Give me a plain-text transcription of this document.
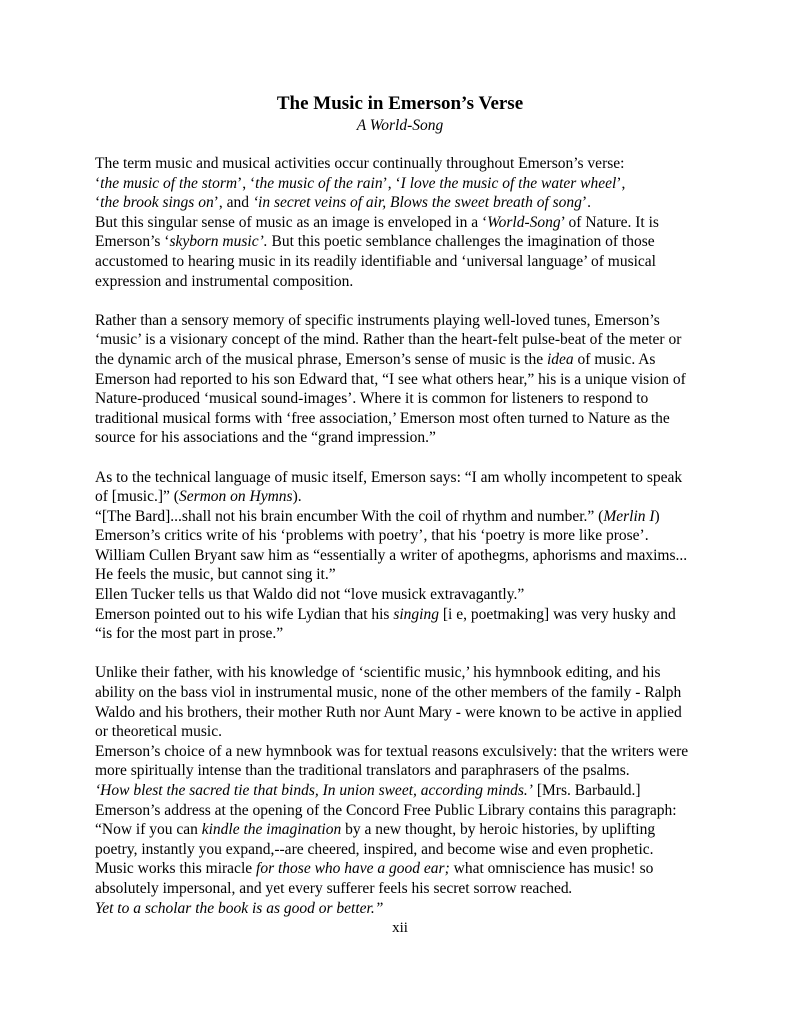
The Music in Emerson’s Verse
A World-Song
The term music and musical activities occur continually throughout Emerson’s verse:
‘the music of the storm’, ‘the music of the rain’, ‘I love the music of the water wheel’,
‘the brook sings on’, and ‘in secret veins of air, Blows the sweet breath of song’.
But this singular sense of music as an image is enveloped in a ‘World-Song’ of Nature. It is
Emerson’s ‘skyborn music’. But this poetic semblance challenges the imagination of those
accustomed to hearing music in its readily identifiable and ‘universal language’ of musical
expression and instrumental composition.
Rather than a sensory memory of specific instruments playing well-loved tunes, Emerson’s
‘music’ is a visionary concept of the mind. Rather than the heart-felt pulse-beat of the meter or
the dynamic arch of the musical phrase, Emerson’s sense of music is the idea of music. As
Emerson had reported to his son Edward that, “I see what others hear,” his is a unique vision of
Nature-produced ‘musical sound-images’. Where it is common for listeners to respond to
traditional musical forms with ‘free association,’ Emerson most often turned to Nature as the
source for his associations and the “grand impression.”
As to the technical language of music itself, Emerson says: “I am wholly incompetent to speak
of [music.]” (Sermon on Hymns).
“[The Bard]...shall not his brain encumber With the coil of rhythm and number.” (Merlin I)
Emerson’s critics write of his ‘problems with poetry’, that his ‘poetry is more like prose’.
William Cullen Bryant saw him as “essentially a writer of apothegms, aphorisms and maxims...
He feels the music, but cannot sing it.”
Ellen Tucker tells us that Waldo did not “love musick extravagantly.”
Emerson pointed out to his wife Lydian that his singing [i e, poetmaking] was very husky and
“is for the most part in prose.”
Unlike their father, with his knowledge of ‘scientific music,’ his hymnbook editing, and his
ability on the bass viol in instrumental music, none of the other members of the family - Ralph
Waldo and his brothers, their mother Ruth nor Aunt Mary - were known to be active in applied
or theoretical music.
Emerson’s choice of a new hymnbook was for textual reasons exculsively: that the writers were
more spiritually intense than the traditional translators and paraphrasers of the psalms.
‘How blest the sacred tie that binds, In union sweet, according minds.’ [Mrs. Barbauld.]
Emerson’s address at the opening of the Concord Free Public Library contains this paragraph:
“Now if you can kindle the imagination by a new thought, by heroic histories, by uplifting
poetry, instantly you expand,--are cheered, inspired, and become wise and even prophetic.
Music works this miracle for those who have a good ear; what omniscience has music! so
absolutely impersonal, and yet every sufferer feels his secret sorrow reached.
Yet to a scholar the book is as good or better.”
xii
